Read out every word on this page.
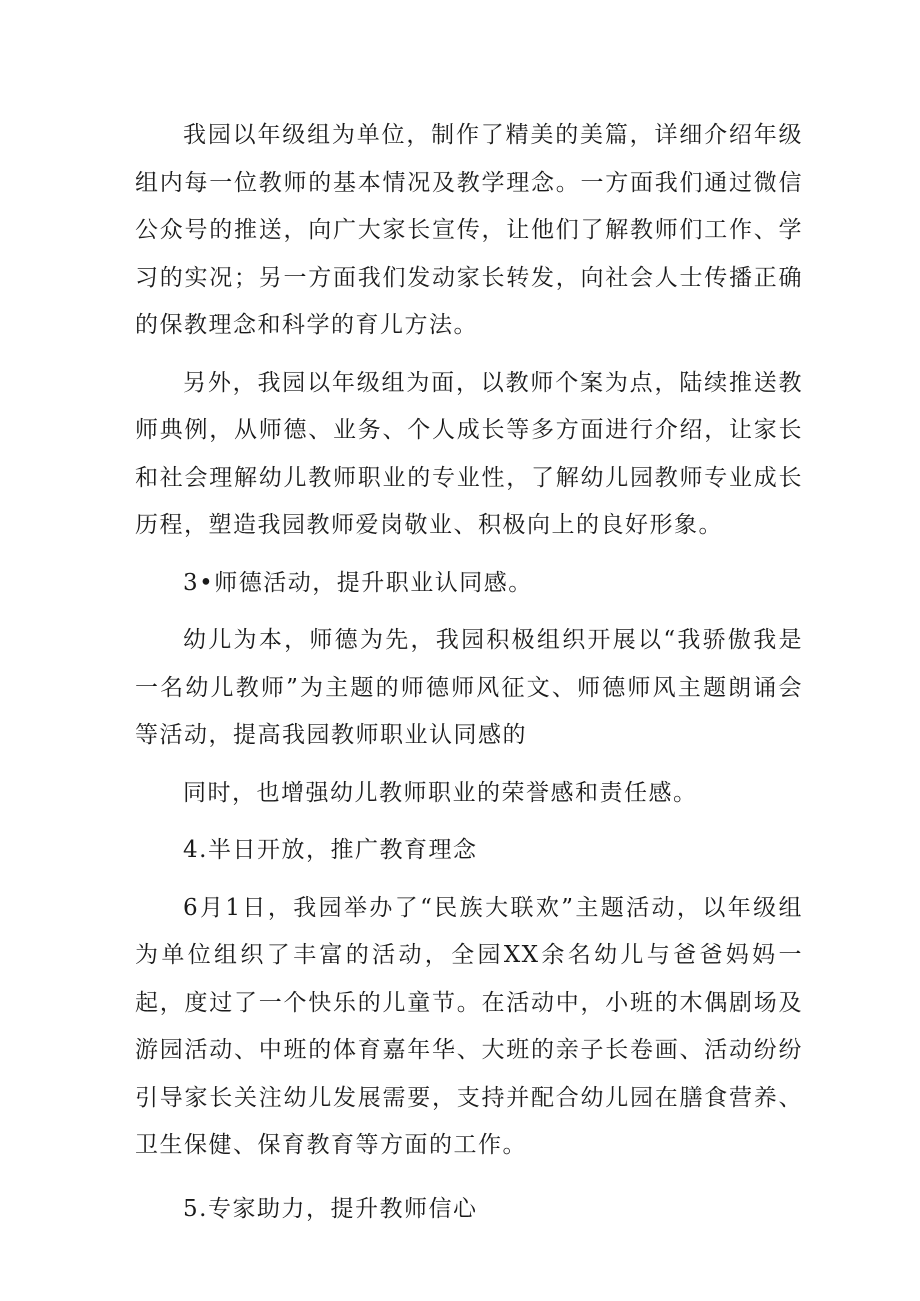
我园以年级组为单位，制作了精美的美篇，详细介绍年级组内每一位教师的基本情况及教学理念。一方面我们通过微信公众号的推送，向广大家长宣传，让他们了解教师们工作、学习的实况；另一方面我们发动家长转发，向社会人士传播正确的保教理念和科学的育儿方法。

另外，我园以年级组为面，以教师个案为点，陆续推送教师典例，从师德、业务、个人成长等多方面进行介绍，让家长和社会理解幼儿教师职业的专业性，了解幼儿园教师专业成长历程，塑造我园教师爱岗敬业、积极向上的良好形象。

3•师德活动，提升职业认同感。

幼儿为本，师德为先，我园积极组织开展以“我骄傲我是一名幼儿教师”为主题的师德师风征文、师德师风主题朗诵会等活动，提高我园教师职业认同感的

同时，也增强幼儿教师职业的荣誉感和责任感。

4.半日开放，推广教育理念

6月1日，我园举办了“民族大联欢”主题活动，以年级组为单位组织了丰富的活动，全园XX余名幼儿与爸爸妈妈一起，度过了一个快乐的儿童节。在活动中，小班的木偶剧场及游园活动、中班的体育嘉年华、大班的亲子长卷画、活动纷纷引导家长关注幼儿发展需要，支持并配合幼儿园在膳食营养、卫生保健、保育教育等方面的工作。

5.专家助力，提升教师信心
